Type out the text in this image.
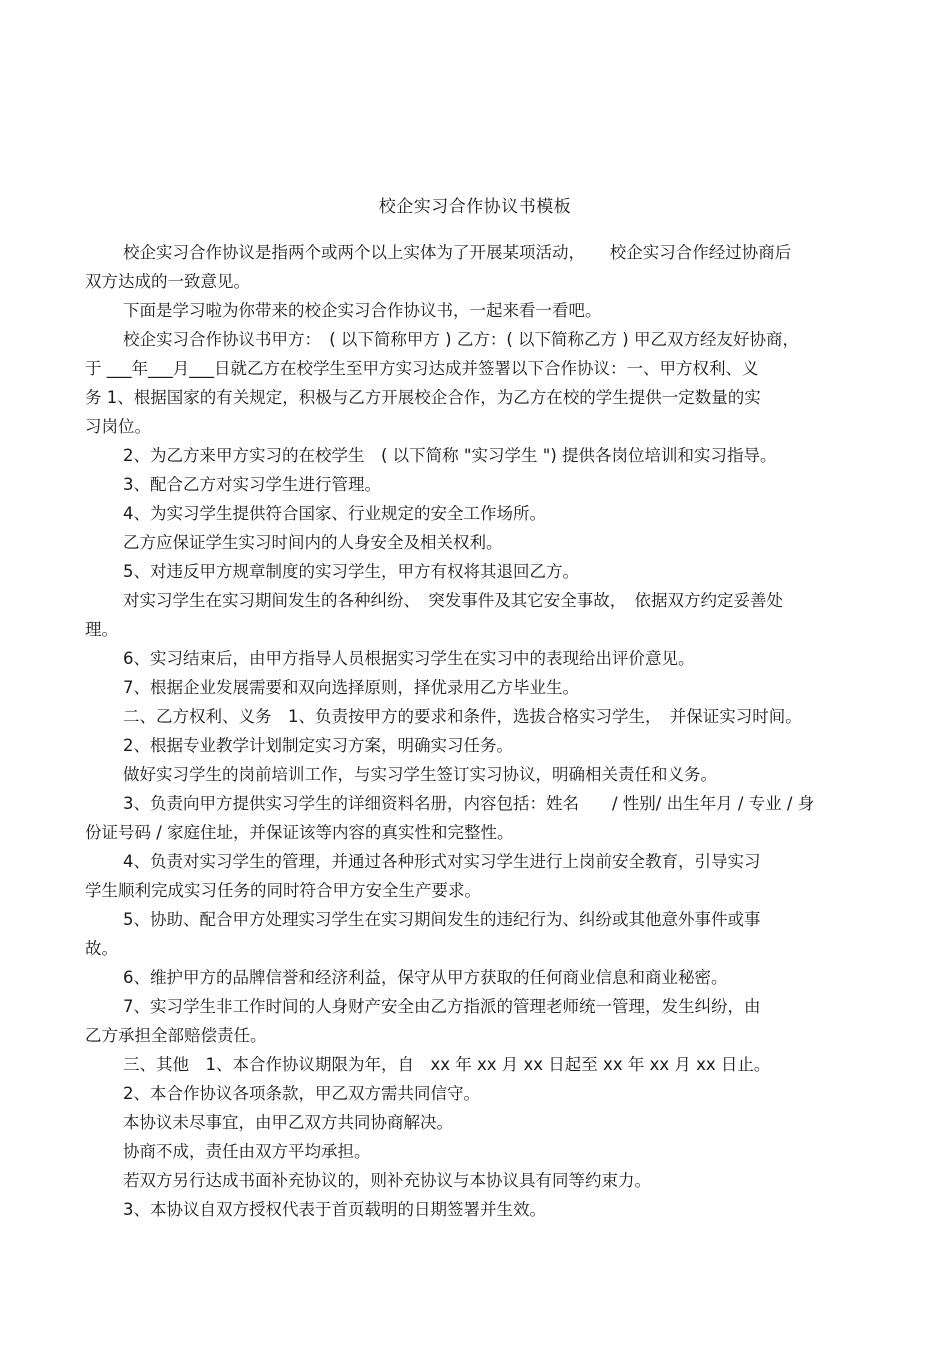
校企实习合作协议书模板
校企实习合作协议是指两个或两个以上实体为了开展某项活动，　　校企实习合作经过协商后
双方达成的一致意见。
下面是学习啦为你带来的校企实习合作协议书，一起来看一看吧。
校企实习合作协议书甲方：　( 以下简称甲方 ) 乙方：( 以下简称乙方 ) 甲乙双方经友好协商，
于 ___年___月___日就乙方在校学生至甲方实习达成并签署以下合作协议：一、甲方权利、义
务 1、根据国家的有关规定，积极与乙方开展校企合作，为乙方在校的学生提供一定数量的实
习岗位。
2、为乙方来甲方实习的在校学生　( 以下简称 "实习学生 ") 提供各岗位培训和实习指导。
3、配合乙方对实习学生进行管理。
4、为实习学生提供符合国家、行业规定的安全工作场所。
乙方应保证学生实习时间内的人身安全及相关权利。
5、对违反甲方规章制度的实习学生，甲方有权将其退回乙方。
对实习学生在实习期间发生的各种纠纷、　突发事件及其它安全事故，　依据双方约定妥善处
理。
6、实习结束后，由甲方指导人员根据实习学生在实习中的表现给出评价意见。
7、根据企业发展需要和双向选择原则，择优录用乙方毕业生。
二、乙方权利、义务　1、负责按甲方的要求和条件，选拔合格实习学生，　并保证实习时间。
2、根据专业教学计划制定实习方案，明确实习任务。
做好实习学生的岗前培训工作，与实习学生签订实习协议，明确相关责任和义务。
3、负责向甲方提供实习学生的详细资料名册，内容包括：姓名　　/ 性别/ 出生年月 / 专业 / 身
份证号码 / 家庭住址，并保证该等内容的真实性和完整性。
4、负责对实习学生的管理，并通过各种形式对实习学生进行上岗前安全教育，引导实习
学生顺利完成实习任务的同时符合甲方安全生产要求。
5、协助、配合甲方处理实习学生在实习期间发生的违纪行为、纠纷或其他意外事件或事
故。
6、维护甲方的品牌信誉和经济利益，保守从甲方获取的任何商业信息和商业秘密。
7、实习学生非工作时间的人身财产安全由乙方指派的管理老师统一管理，发生纠纷，由
乙方承担全部赔偿责任。
三、其他　1、本合作协议期限为年，自　xx 年 xx 月 xx 日起至 xx 年 xx 月 xx 日止。
2、本合作协议各项条款，甲乙双方需共同信守。
本协议未尽事宜，由甲乙双方共同协商解决。
协商不成，责任由双方平均承担。
若双方另行达成书面补充协议的，则补充协议与本协议具有同等约束力。
3、本协议自双方授权代表于首页载明的日期签署并生效。
